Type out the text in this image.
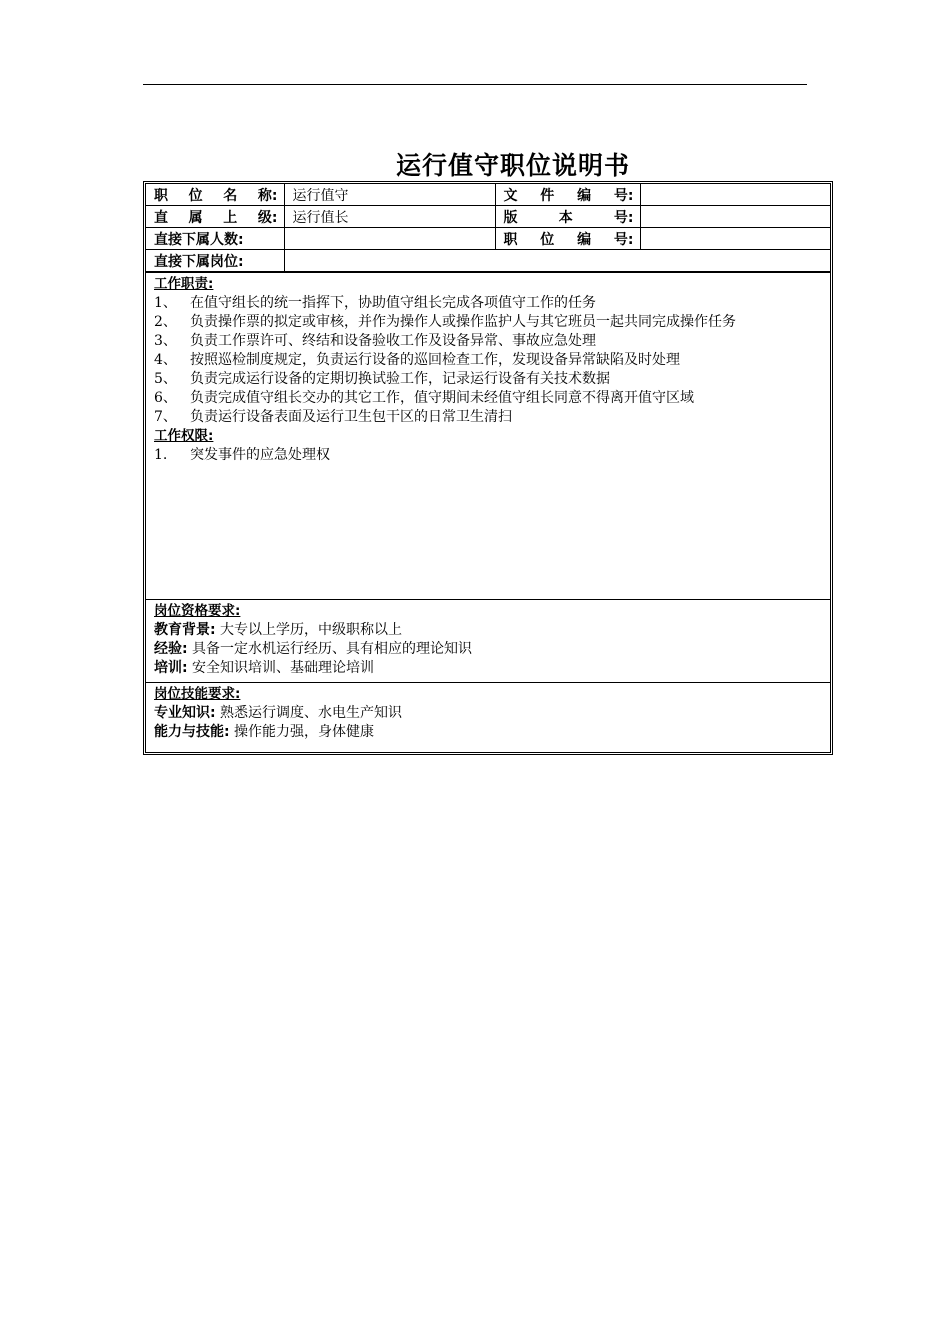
运行值守职位说明书
职 位 名 称:	运行值守	文 件 编 号:	

直 属 上 级:	运行值长	版 本 号:	

直接下属人数:		职 位 编 号:	

直接下属岗位:			

工作职责:
1、 在值守组长的统一指挥下，协助值守组长完成各项值守工作的任务
2、 负责操作票的拟定或审核，并作为操作人或操作监护人与其它班员一起共同完成操作任务
3、 负责工作票许可、终结和设备验收工作及设备异常、事故应急处理
4、 按照巡检制度规定，负责运行设备的巡回检查工作，发现设备异常缺陷及时处理
5、 负责完成运行设备的定期切换试验工作，记录运行设备有关技术数据
6、 负责完成值守组长交办的其它工作，值守期间未经值守组长同意不得离开值守区域
7、 负责运行设备表面及运行卫生包干区的日常卫生清扫
工作权限:
1.	突发事件的应急处理权
岗位资格要求:
教育背景: 大专以上学历，中级职称以上
经验: 具备一定水机运行经历、具有相应的理论知识
培训: 安全知识培训、基础理论培训
岗位技能要求:
专业知识: 熟悉运行调度、水电生产知识
能力与技能: 操作能力强，身体健康
